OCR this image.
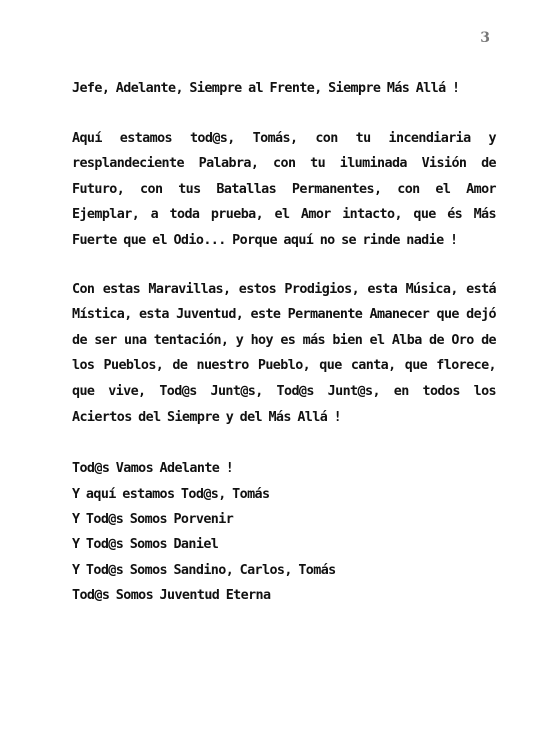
3

Jefe, Adelante, Siempre al Frente, Siempre Más Allá !

Aquí estamos tod@s, Tomás, con tu incendiaria y resplandeciente Palabra, con tu iluminada Visión de Futuro, con tus Batallas Permanentes, con el Amor Ejemplar, a toda prueba, el Amor intacto, que és Más Fuerte que el Odio... Porque aquí no se rinde nadie !

Con estas Maravillas, estos Prodigios, esta Música, está Mística, esta Juventud, este Permanente Amanecer que dejó de ser una tentación, y hoy es más bien el Alba de Oro de los Pueblos, de nuestro Pueblo, que canta, que florece, que vive, Tod@s Junt@s, Tod@s Junt@s, en todos los Aciertos del Siempre y del Más Allá !

Tod@s Vamos Adelante !
Y aquí estamos Tod@s, Tomás
Y Tod@s Somos Porvenir
Y Tod@s Somos Daniel
Y Tod@s Somos Sandino, Carlos, Tomás
Tod@s Somos Juventud Eterna
